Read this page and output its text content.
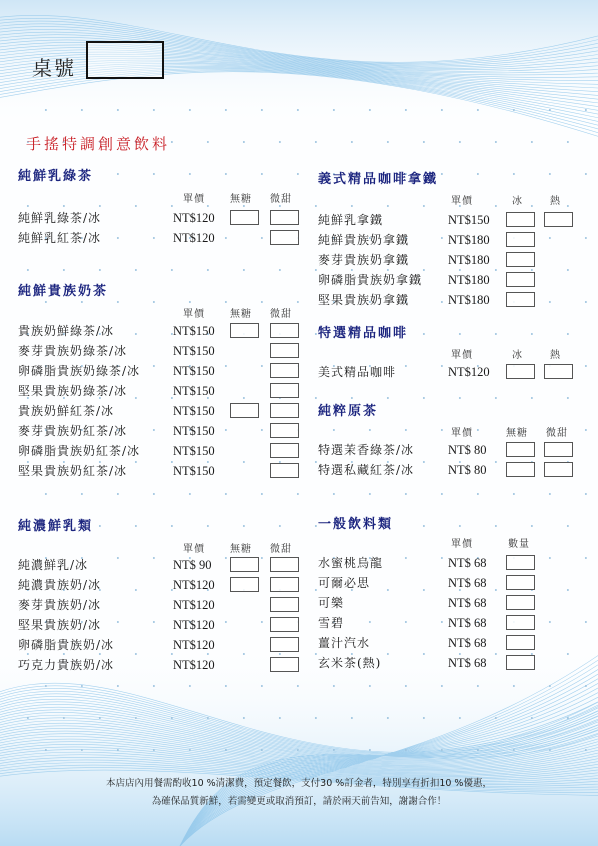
桌號
手搖特調創意飲料
純鮮乳綠茶
單價	無糖 微甜
純鮮乳綠茶/冰	NT$120
純鮮乳紅茶/冰	NT$120
純鮮貴族奶茶
單價	無糖 微甜
貴族奶鮮綠茶/冰	NT$150
麥芽貴族奶綠茶/冰	NT$150
卵磷脂貴族奶綠茶/冰	NT$150
堅果貴族奶綠茶/冰	NT$150
貴族奶鮮紅茶/冰	NT$150
麥芽貴族奶紅茶/冰	NT$150
卵磷脂貴族奶紅茶/冰	NT$150
堅果貴族奶紅茶/冰	NT$150
純濃鮮乳類
單價	無糖 微甜
純濃鮮乳/冰	NT$ 90
純濃貴族奶/冰	NT$120
麥芽貴族奶/冰	NT$120
堅果貴族奶/冰	NT$120
卵磷脂貴族奶/冰	NT$120
巧克力貴族奶/冰	NT$120
義式精品咖啡拿鐵
單價	冰	熱
純鮮乳拿鐵	NT$150
純鮮貴族奶拿鐵	NT$180
麥芽貴族奶拿鐵	NT$180
卵磷脂貴族奶拿鐵 NT$180
堅果貴族奶拿鐵	NT$180
特選精品咖啡
單價	冰	熱
美式精品咖啡	NT$120
純粹原茶
單價	無糖 微甜
特選茉香綠茶/冰	NT$ 80
特選私藏紅茶/冰	NT$ 80
一般飲料類
單價	數量
水蜜桃烏龍	NT$ 68
可爾必思	NT$ 68
可樂	NT$ 68
雪碧	NT$ 68
薑汁汽水	NT$ 68
玄米茶(熱)	NT$ 68
本店店內用餐需酌收10 %清潔費，預定餐飲，支付30 %訂金者，特別享有折扣10 %優惠，
為確保品質新鮮，若需變更或取消預訂，請於兩天前告知，謝謝合作！
